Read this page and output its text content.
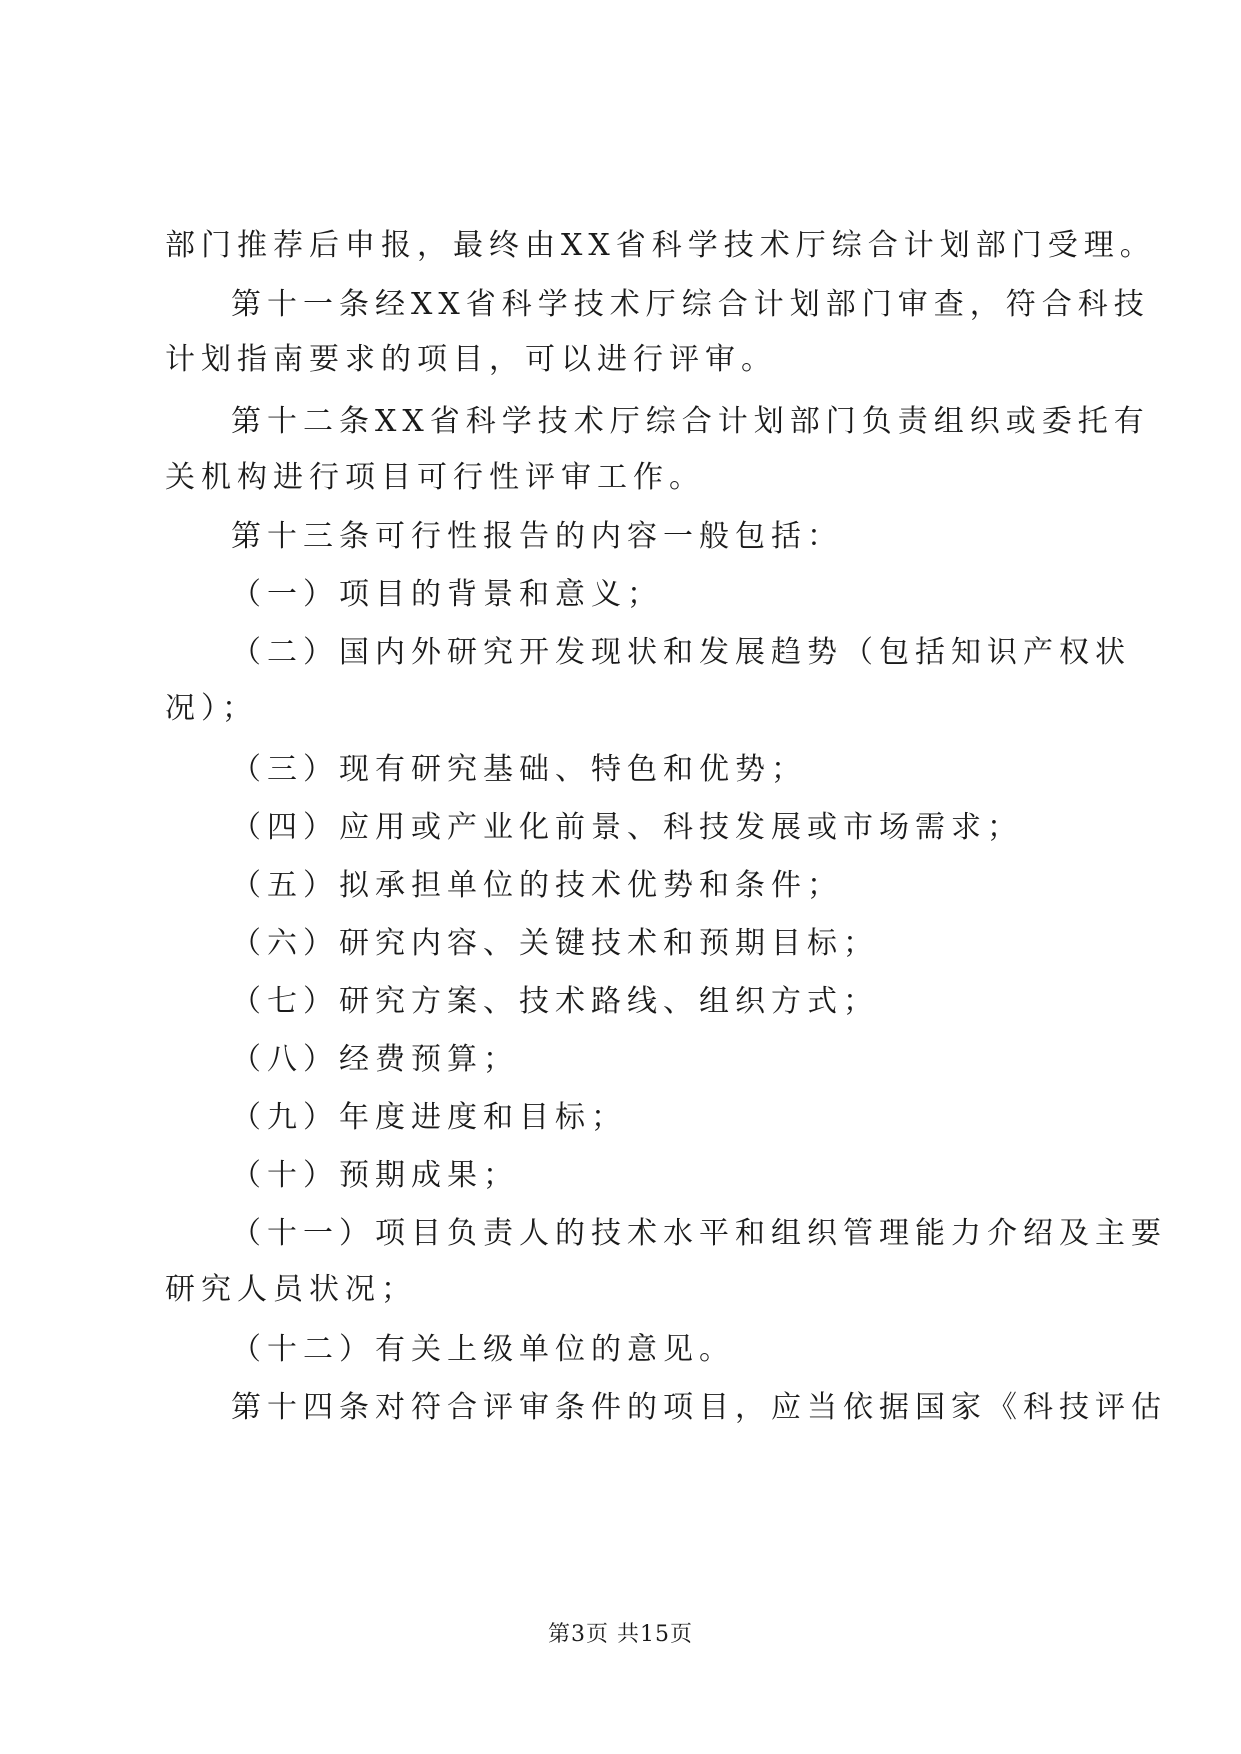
部门推荐后申报，最终由XX省科学技术厅综合计划部门受理。
第十一条经XX省科学技术厅综合计划部门审查，符合科技
计划指南要求的项目，可以进行评审。
第十二条XX省科学技术厅综合计划部门负责组织或委托有
关机构进行项目可行性评审工作。
第十三条可行性报告的内容一般包括：
（一）项目的背景和意义；
（二）国内外研究开发现状和发展趋势（包括知识产权状
况）；
（三）现有研究基础、特色和优势；
（四）应用或产业化前景、科技发展或市场需求；
（五）拟承担单位的技术优势和条件；
（六）研究内容、关键技术和预期目标；
（七）研究方案、技术路线、组织方式；
（八）经费预算；
（九）年度进度和目标；
（十）预期成果；
（十一）项目负责人的技术水平和组织管理能力介绍及主要
研究人员状况；
（十二）有关上级单位的意见。
第十四条对符合评审条件的项目，应当依据国家《科技评估
第3页 共15页
